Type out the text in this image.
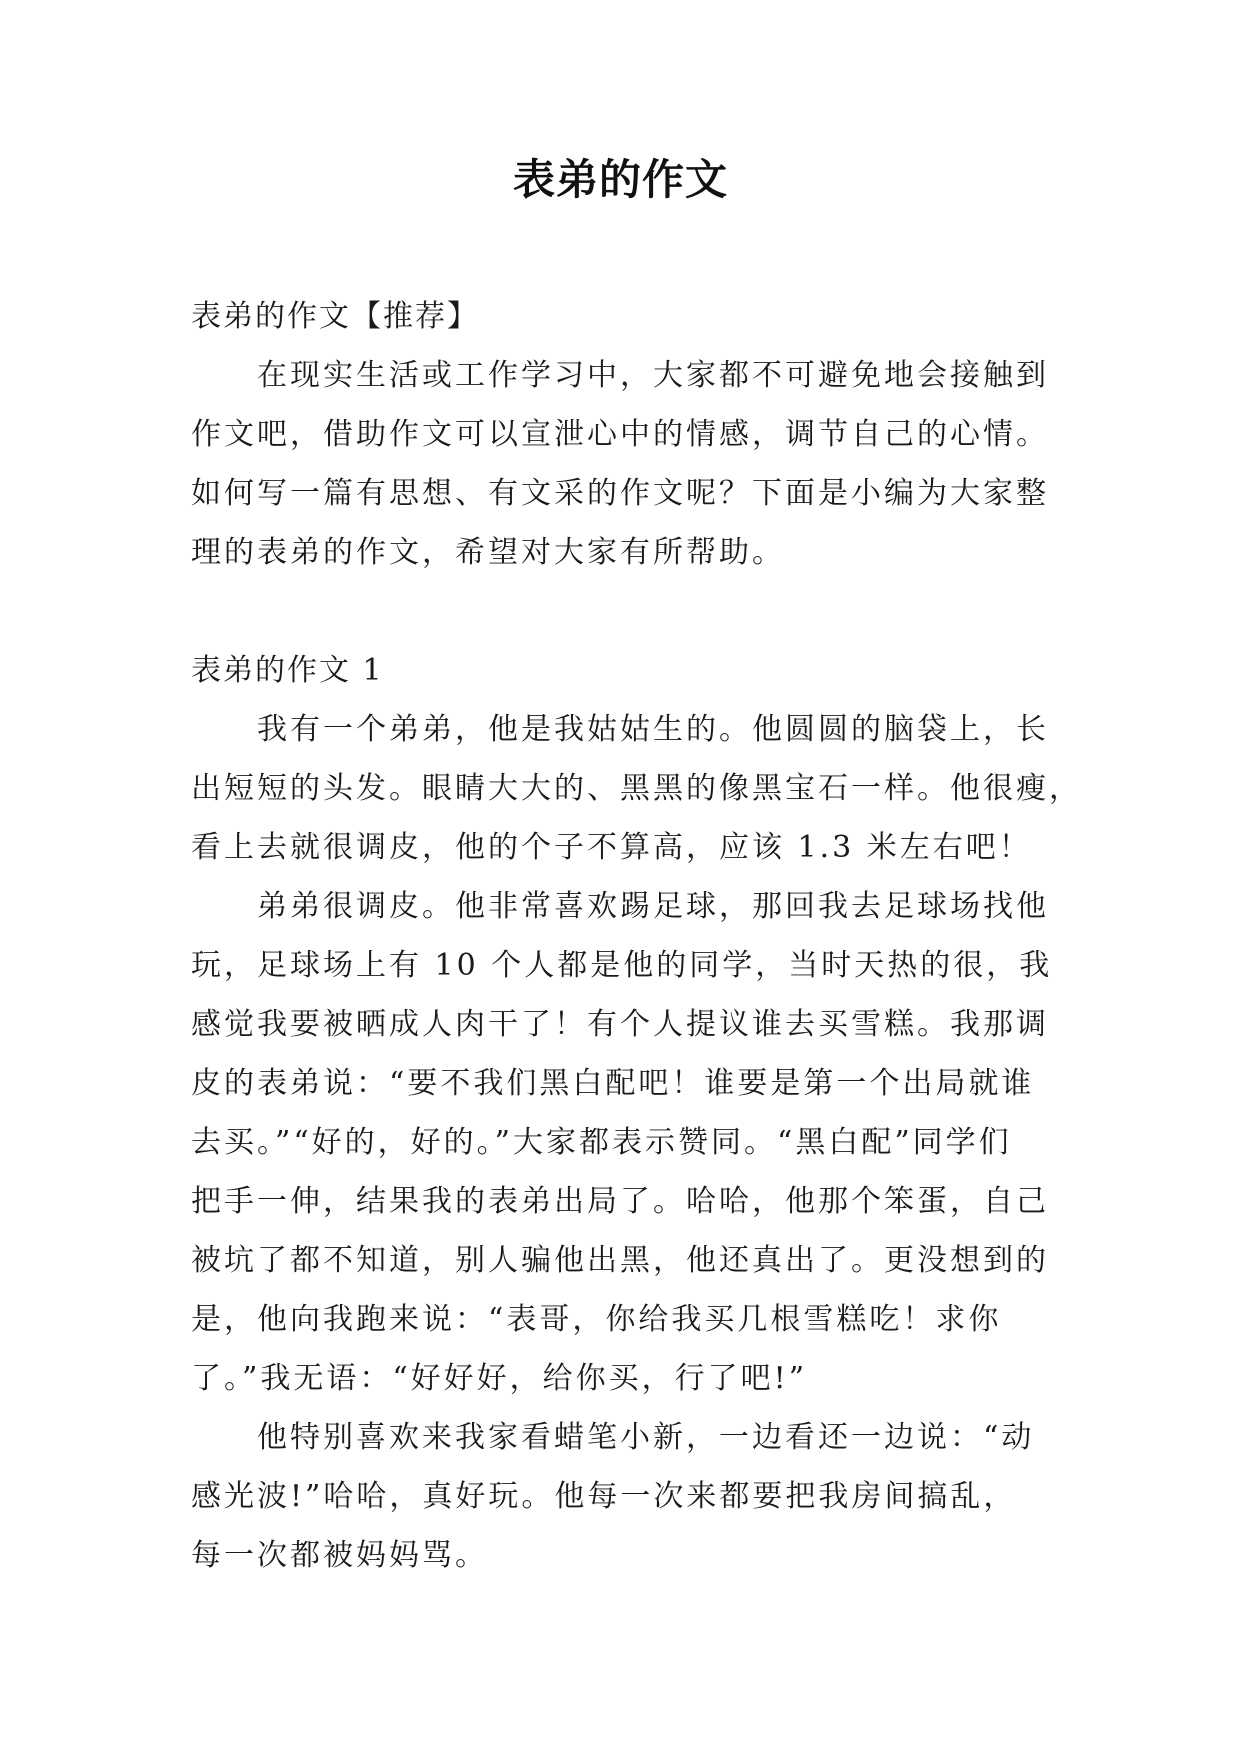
表弟的作文
表弟的作文【推荐】
在现实生活或工作学习中，大家都不可避免地会接触到
作文吧，借助作文可以宣泄心中的情感，调节自己的心情。
如何写一篇有思想、有文采的作文呢？下面是小编为大家整
理的表弟的作文，希望对大家有所帮助。
表弟的作文 1
我有一个弟弟，他是我姑姑生的。他圆圆的脑袋上，长
出短短的头发。眼睛大大的、黑黑的像黑宝石一样。他很瘦，
看上去就很调皮，他的个子不算高，应该 1.3 米左右吧！
弟弟很调皮。他非常喜欢踢足球，那回我去足球场找他
玩，足球场上有 10 个人都是他的同学，当时天热的很，我
感觉我要被晒成人肉干了！有个人提议谁去买雪糕。我那调
皮的表弟说：“要不我们黑白配吧！谁要是第一个出局就谁
去买。”“好的，好的。”大家都表示赞同。“黑白配”同学们
把手一伸，结果我的表弟出局了。哈哈，他那个笨蛋，自己
被坑了都不知道，别人骗他出黑，他还真出了。更没想到的
是，他向我跑来说：“表哥，你给我买几根雪糕吃！求你
了。”我无语：“好好好，给你买，行了吧!”
他特别喜欢来我家看蜡笔小新，一边看还一边说：“动
感光波!”哈哈，真好玩。他每一次来都要把我房间搞乱，
每一次都被妈妈骂。
